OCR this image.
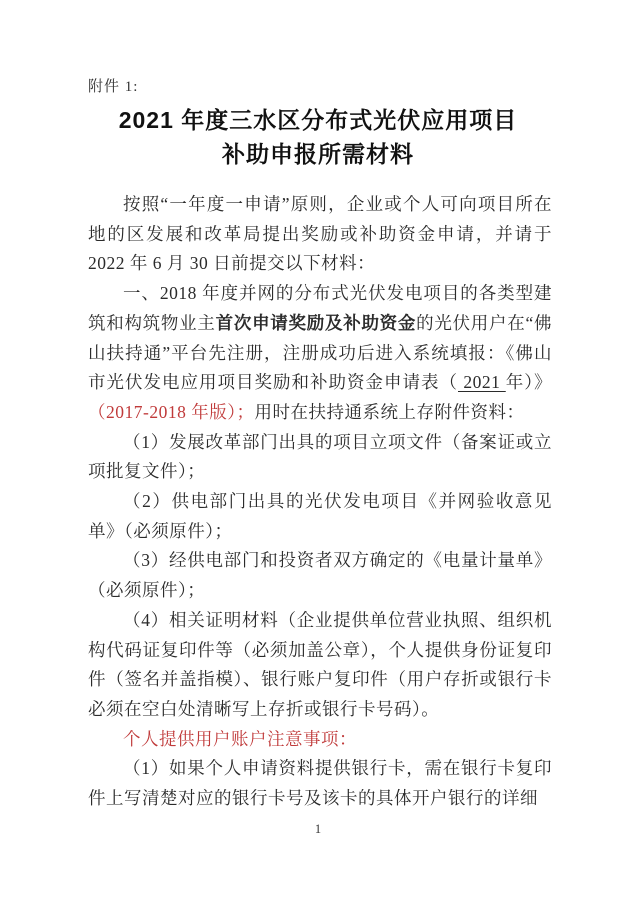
附件 1:
2021 年度三水区分布式光伏应用项目
补助申报所需材料

按照“一年度一申请”原则，企业或个人可向项目所在地的区发展和改革局提出奖励或补助资金申请，并请于 2022 年 6 月 30 日前提交以下材料：

一、2018 年度并网的分布式光伏发电项目的各类型建筑和构筑物业主首次申请奖励及补助资金的光伏用户在“佛山扶持通”平台先注册，注册成功后进入系统填报：《佛山市光伏发电应用项目奖励和补助资金申请表（ 2021 年）》（2017-2018 年版）；用时在扶持通系统上存附件资料：

（1）发展改革部门出具的项目立项文件（备案证或立项批复文件）；

（2）供电部门出具的光伏发电项目《并网验收意见单》（必须原件）；

（3）经供电部门和投资者双方确定的《电量计量单》（必须原件）；

（4）相关证明材料（企业提供单位营业执照、组织机构代码证复印件等（必须加盖公章），个人提供身份证复印件（签名并盖指模）、银行账户复印件（用户存折或银行卡必须在空白处清晰写上存折或银行卡号码）。

个人提供用户账户注意事项：

（1）如果个人申请资料提供银行卡，需在银行卡复印件上写清楚对应的银行卡号及该卡的具体开户银行的详细

1
